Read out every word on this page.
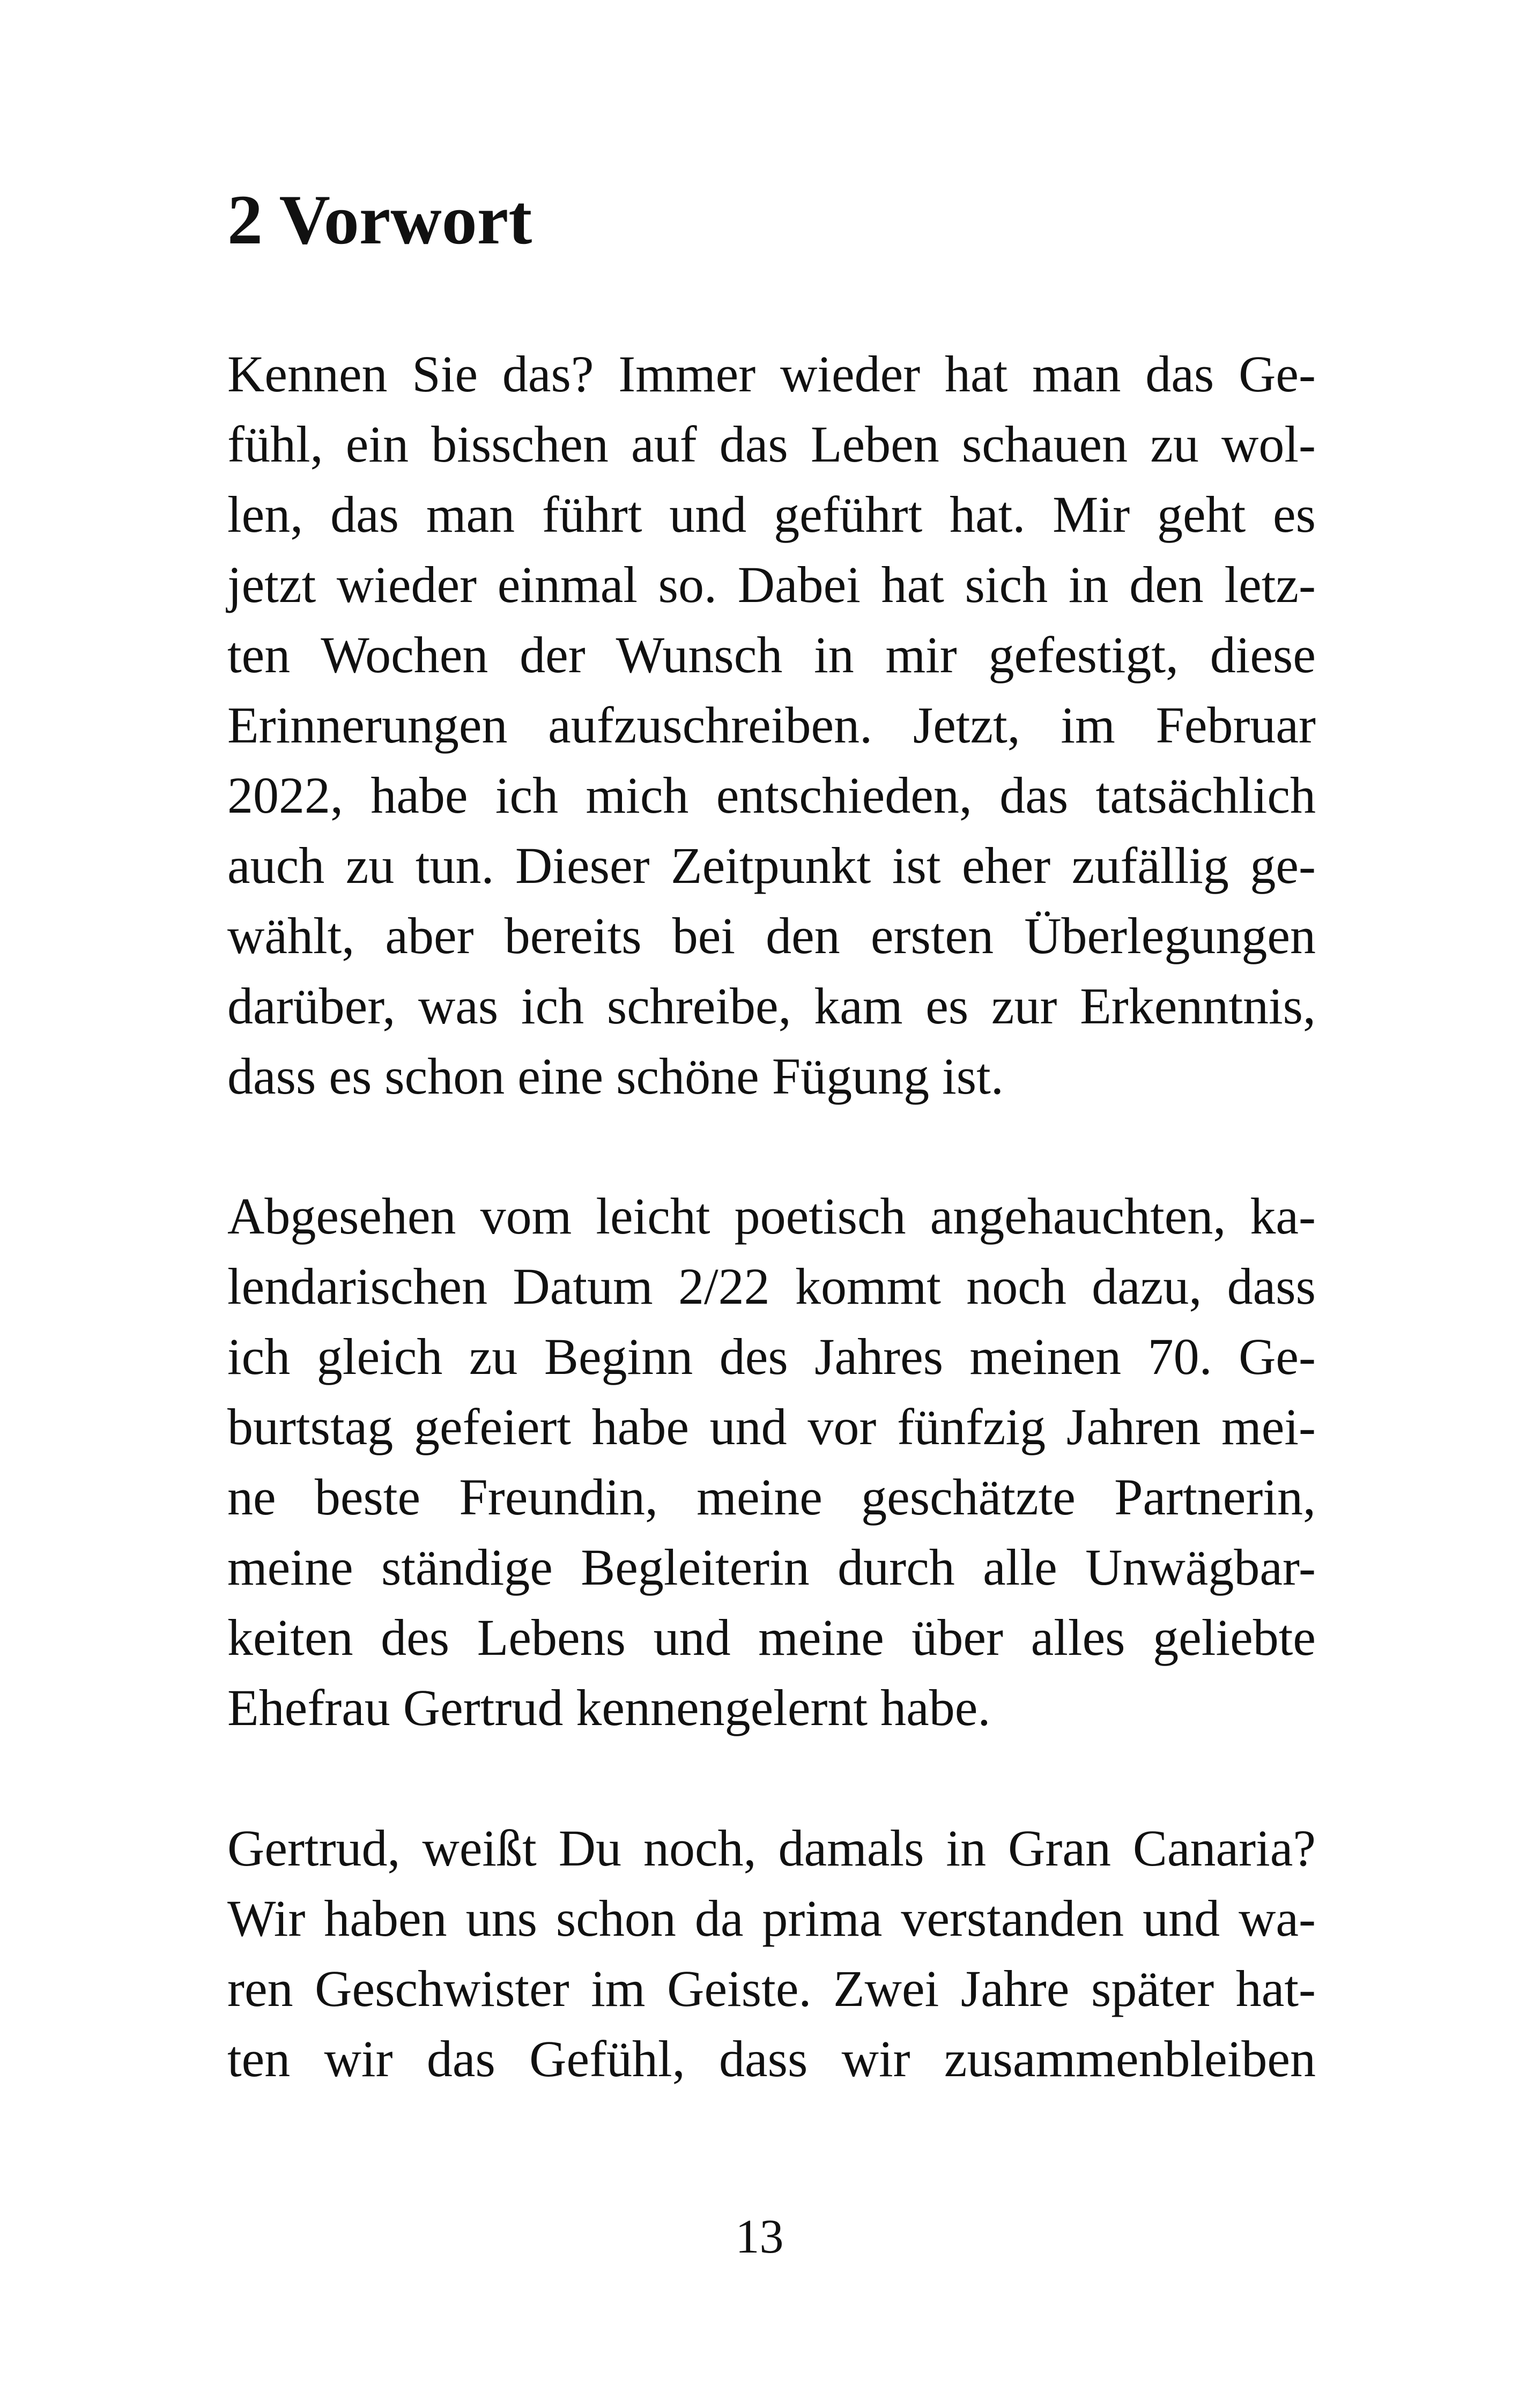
2 Vorwort
Kennen Sie das? Immer wieder hat man das Ge-
fühl, ein bisschen auf das Leben schauen zu wol-
len, das man führt und geführt hat. Mir geht es
jetzt wieder einmal so. Dabei hat sich in den letz-
ten Wochen der Wunsch in mir gefestigt, diese
Erinnerungen aufzuschreiben. Jetzt, im Februar
2022, habe ich mich entschieden, das tatsächlich
auch zu tun. Dieser Zeitpunkt ist eher zufällig ge-
wählt, aber bereits bei den ersten Überlegungen
darüber, was ich schreibe, kam es zur Erkenntnis,
dass es schon eine schöne Fügung ist.
Abgesehen vom leicht poetisch angehauchten, ka-
lendarischen Datum 2/22 kommt noch dazu, dass
ich gleich zu Beginn des Jahres meinen 70. Ge-
burtstag gefeiert habe und vor fünfzig Jahren mei-
ne beste Freundin, meine geschätzte Partnerin,
meine ständige Begleiterin durch alle Unwägbar-
keiten des Lebens und meine über alles geliebte
Ehefrau Gertrud kennengelernt habe.
Gertrud, weißt Du noch, damals in Gran Canaria?
Wir haben uns schon da prima verstanden und wa-
ren Geschwister im Geiste. Zwei Jahre später hat-
ten wir das Gefühl, dass wir zusammenbleiben
13
